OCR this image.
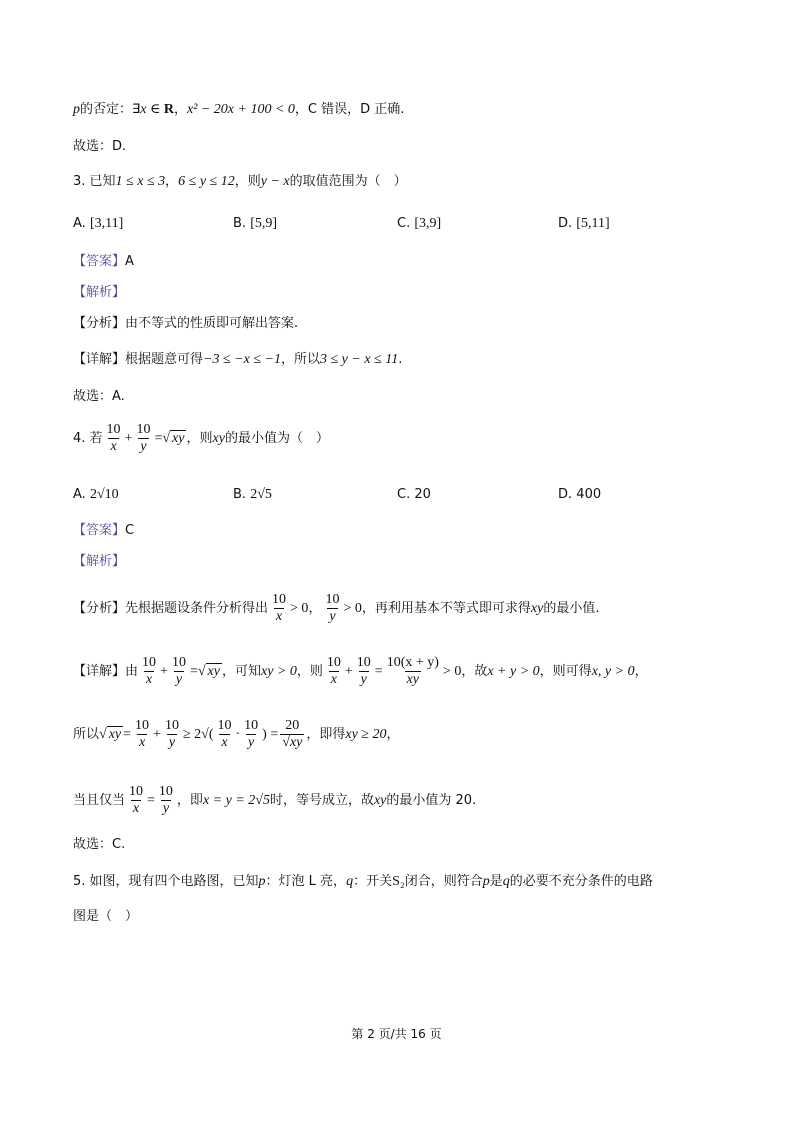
p的否定：∃x ∈ R，x² − 20x + 100 < 0，C 错误，D 正确.
故选：D.
3. 已知1 ≤ x ≤ 3，6 ≤ y ≤ 12，则y − x的取值范围为（　）
A. [3,11]	B. [5,9]	C. [3,9]	D. [5,11]
【答案】A
【解析】
【分析】由不等式的性质即可解出答案.
【详解】根据题意可得−3 ≤ −x ≤ −1，所以3 ≤ y − x ≤ 11.
故选：A.
4. 若 $\frac{10}{x} + \frac{10}{y}$ =√ xy ，则xy的最小值为（　）
A. 2√10	B. 2√5	C. 20	D. 400
【答案】C
【解析】
【分析】先根据题设条件分析得出 $\frac{10}{x} > 0$， $\frac{10}{y} > 0$，再利用基本不等式即可求得xy的最小值.
【详解】由 $\frac{10}{x} + \frac{10}{y}$ =√ xy ，可知xy > 0，则 $\frac{10}{x} + \frac{10}{y} = \frac{10(x + y)}{xy} > 0$，故x + y > 0，则可得x, y > 0，
所以√ xy = $\frac{10}{x} + \frac{10}{y} \ge 2√( \frac{10}{x} \cdot \frac{10}{y}$ ) = $\frac{20}{√xy}$ ，即得xy ≥ 20，
当且仅当 $\frac{10}{x} = \frac{10}{y}$ ，即x = y = 2√5时，等号成立，故xy的最小值为 20.
故选：C.
5. 如图，现有四个电路图，已知p：灯泡 L 亮，q：开关S₂闭合，则符合p是q的必要不充分条件的电路
图是（　）
第 2 页/共 16 页
